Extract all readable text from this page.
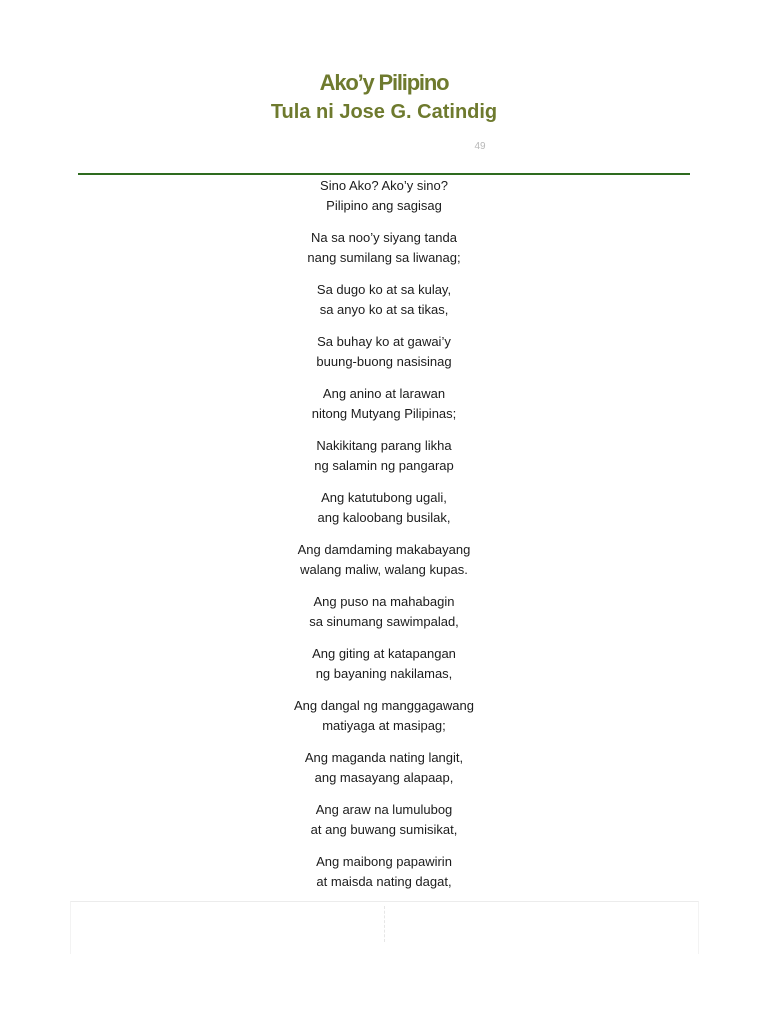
Ako’y Pilipino
Tula ni Jose G. Catindig
49
Sino Ako? Ako’y sino?
Pilipino ang sagisag
Na sa noo’y siyang tanda
nang sumilang sa liwanag;
Sa dugo ko at sa kulay,
sa anyo ko at sa tikas,
Sa buhay ko at gawai’y
buung-buong nasisinag
Ang anino at larawan
nitong Mutyang Pilipinas;
Nakikitang parang likha
ng salamin ng pangarap
Ang katutubong ugali,
ang kaloobang busilak,
Ang damdaming makabayang
walang maliw, walang kupas.
Ang puso na mahabagin
sa sinumang sawimpalad,
Ang giting at katapangan
ng bayaning nakilamas,
Ang dangal ng manggagawang
matiyaga at masipag;
Ang maganda nating langit,
ang masayang alapaap,
Ang araw na lumulubog
at ang buwang sumisikat,
Ang maibong papawirin
at maisda nating dagat,
